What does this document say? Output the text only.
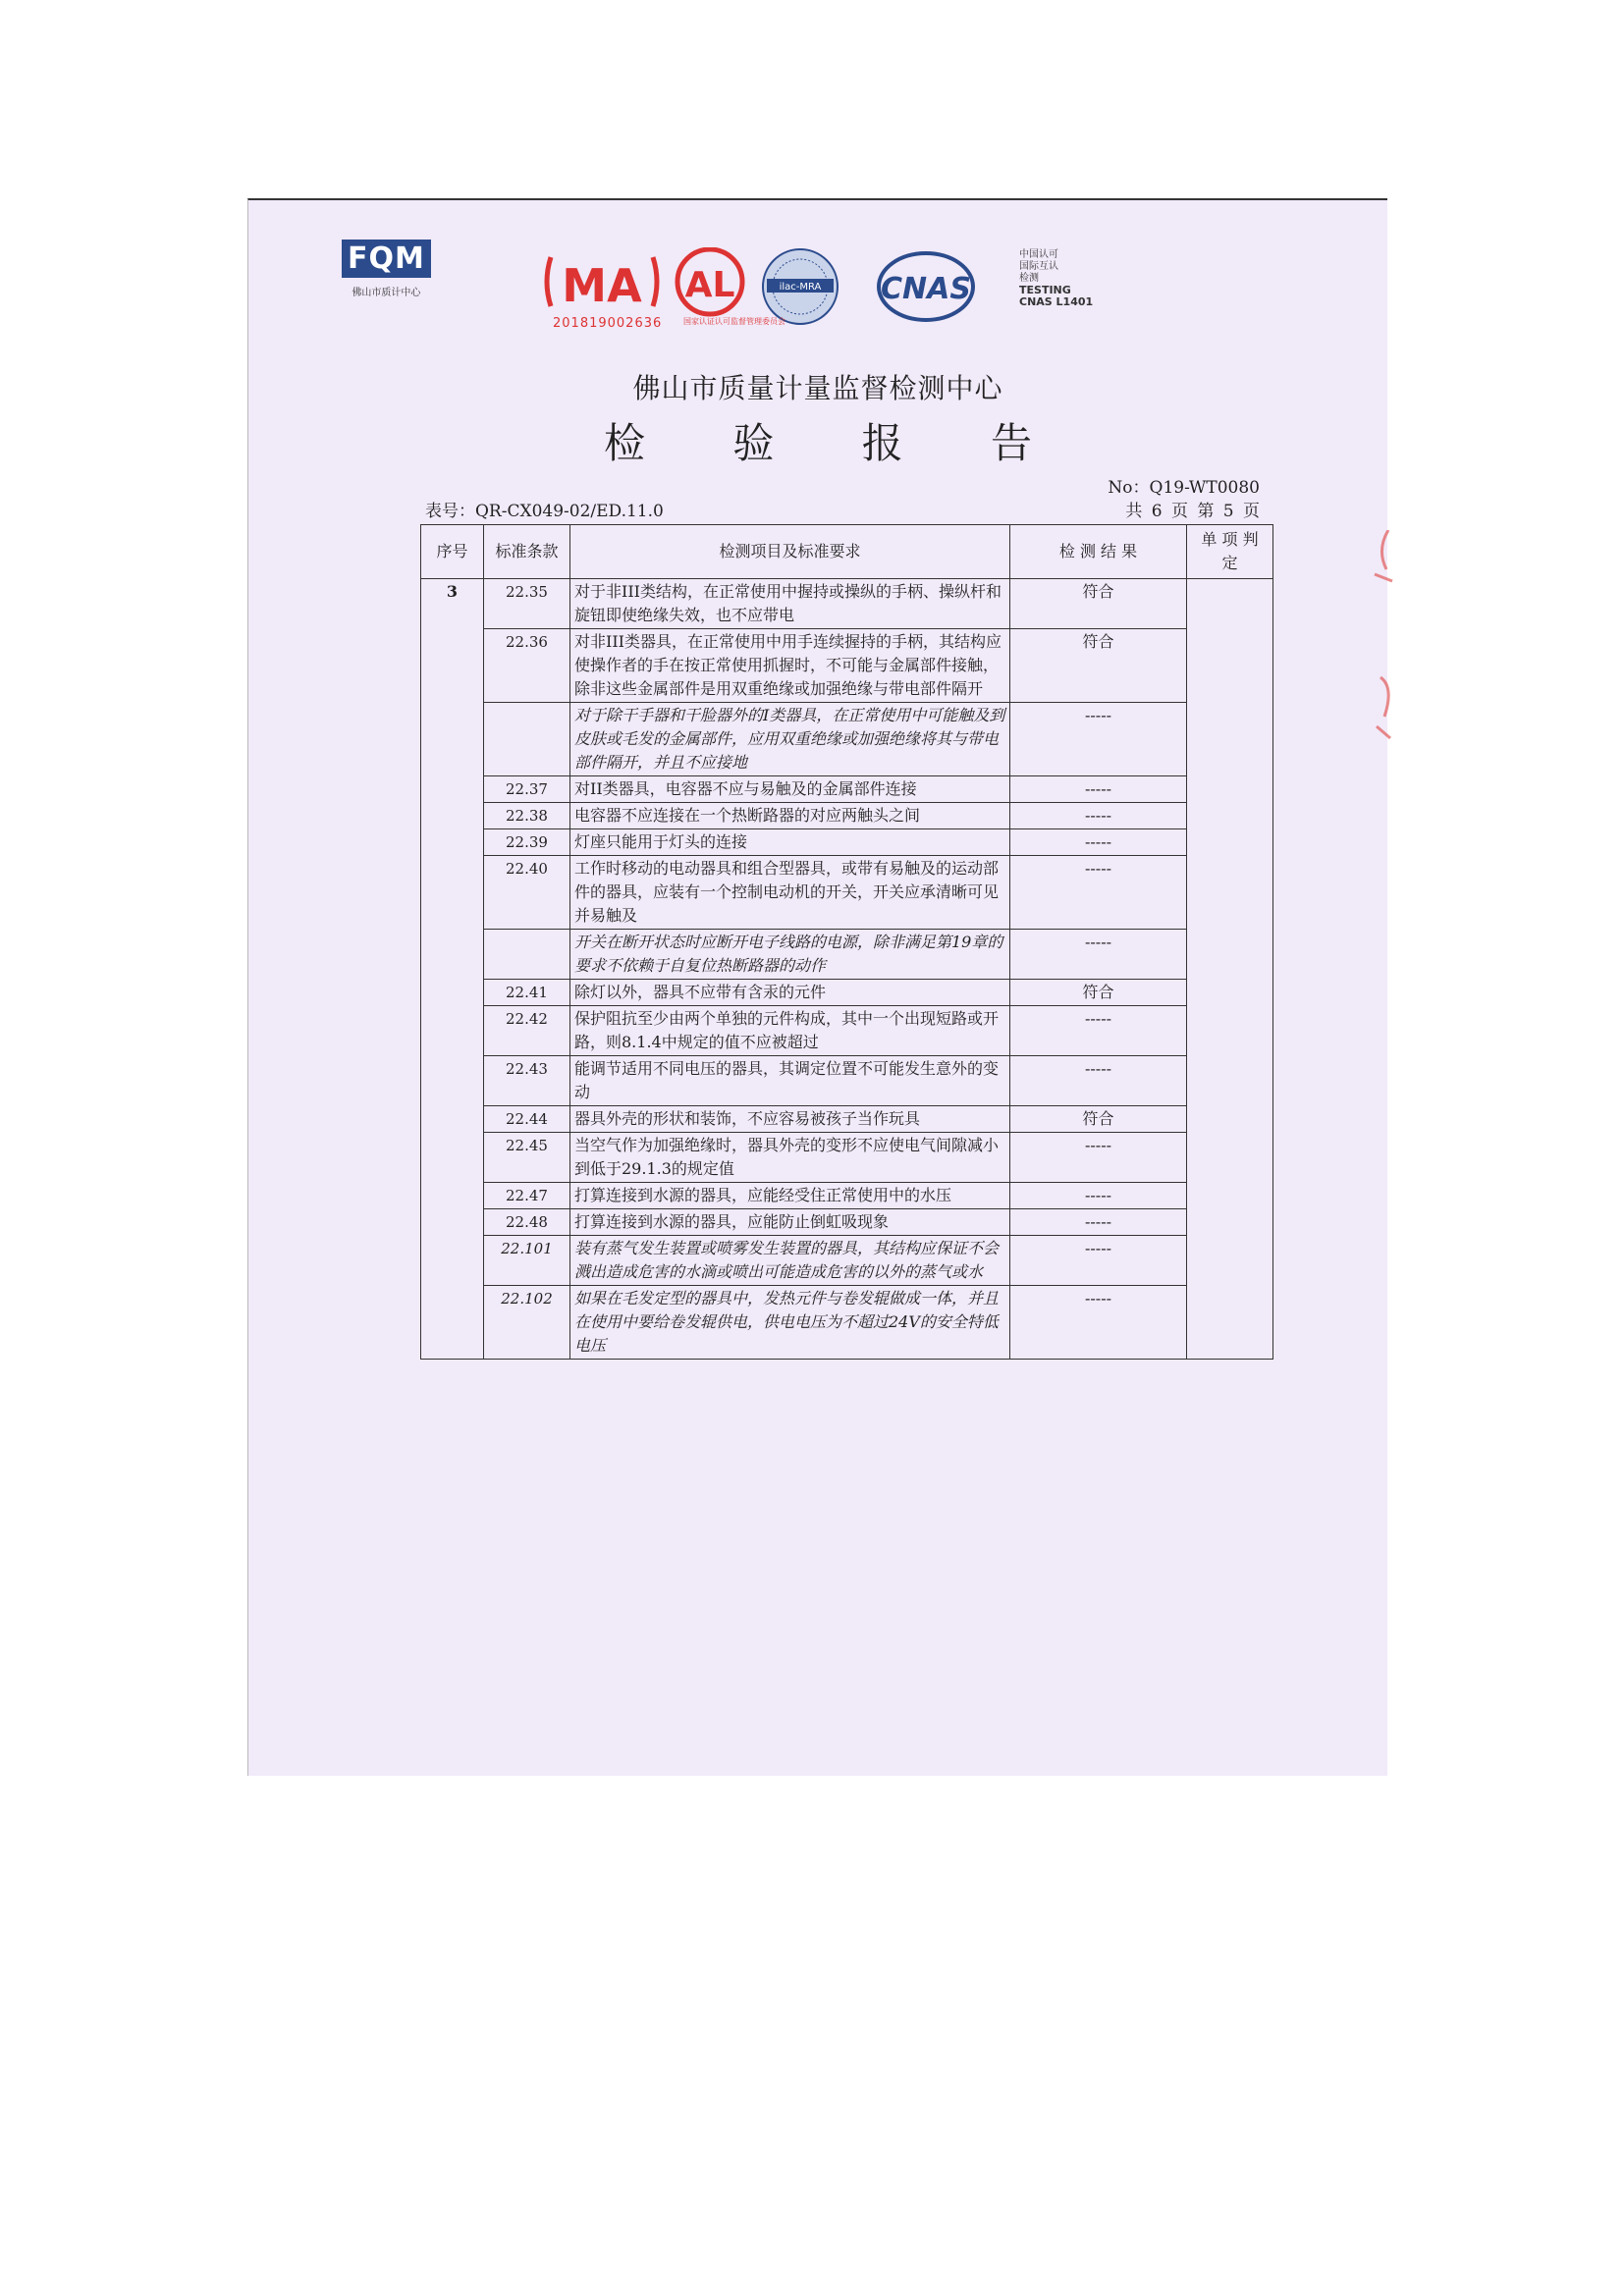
FQM
佛山市质计中心	MA AL	ilac-MRA CNAS
201819002636	国家认证认可监督管理委员会
中国认可
国际互认
检测
TESTING
CNAS L1401
佛山市质量计量监督检测中心
检 验 报 告
No：Q19-WT0080
表号：QR-CX049-02/ED.11.0	共 6 页 第 5 页
序号	标准条款	检测项目及标准要求	检 测 结 果	单 项 判 定
3	22.35	对于非III类结构，在正常使用中握持或操纵的手柄、操纵杆和旋钮即使绝缘失效，也不应带电	符合	
	22.36	对非III类器具，在正常使用中用手连续握持的手柄，其结构应使操作者的手在按正常使用抓握时，不可能与金属部件接触，除非这些金属部件是用双重绝缘或加强绝缘与带电部件隔开	符合	
		对于除干手器和干脸器外的I类器具，在正常使用中可能触及到皮肤或毛发的金属部件，应用双重绝缘或加强绝缘将其与带电部件隔开，并且不应接地	-----	
	22.37	对II类器具，电容器不应与易触及的金属部件连接	-----	
	22.38	电容器不应连接在一个热断路器的对应两触头之间	-----	
	22.39	灯座只能用于灯头的连接	-----	
	22.40	工作时移动的电动器具和组合型器具，或带有易触及的运动部件的器具，应装有一个控制电动机的开关，开关应承清晰可见并易触及	-----	
		开关在断开状态时应断开电子线路的电源，除非满足第19章的要求不依赖于自复位热断路器的动作	-----	
	22.41	除灯以外，器具不应带有含汞的元件	符合	
	22.42	保护阻抗至少由两个单独的元件构成，其中一个出现短路或开路，则8.1.4中规定的值不应被超过	-----	
	22.43	能调节适用不同电压的器具，其调定位置不可能发生意外的变动	-----	
	22.44	器具外壳的形状和装饰，不应容易被孩子当作玩具	符合	
	22.45	当空气作为加强绝缘时，器具外壳的变形不应使电气间隙减小到低于29.1.3的规定值	-----	
	22.47	打算连接到水源的器具，应能经受住正常使用中的水压	-----	
	22.48	打算连接到水源的器具，应能防止倒虹吸现象	-----	
	22.101	装有蒸气发生装置或喷雾发生装置的器具，其结构应保证不会溅出造成危害的水滴或喷出可能造成危害的以外的蒸气或水	-----	
	22.102	如果在毛发定型的器具中，发热元件与卷发辊做成一体，并且在使用中要给卷发辊供电，供电电压为不超过24V的安全特低电压	-----	
